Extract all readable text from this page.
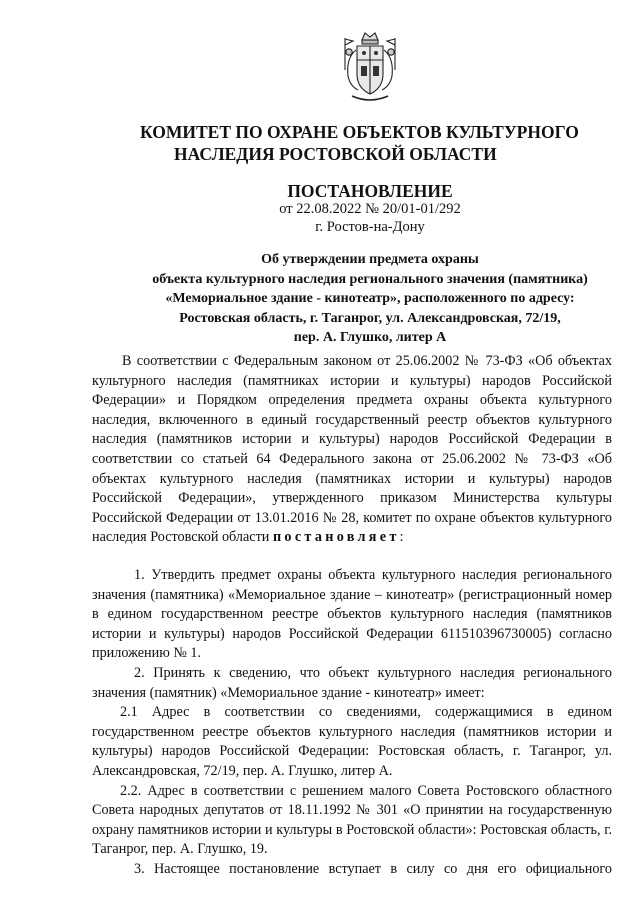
КОМИТЕТ ПО ОХРАНЕ ОБЪЕКТОВ КУЛЬТУРНОГО
НАСЛЕДИЯ РОСТОВСКОЙ ОБЛАСТИ
ПОСТАНОВЛЕНИЕ
от 22.08.2022 № 20/01-01/292
г. Ростов-на-Дону
Об утверждении предмета охраны
объекта культурного наследия регионального значения (памятника)
«Мемориальное здание - кинотеатр», расположенного по адресу:
Ростовская область, г. Таганрог, ул. Александровская, 72/19,
пер. А. Глушко, литер А

В соответствии с Федеральным законом от 25.06.2002 № 73-ФЗ «Об объектах культурного наследия (памятниках истории и культуры) народов Российской Федерации» и Порядком определения предмета охраны объекта культурного наследия, включенного в единый государственный реестр объектов культурного наследия (памятников истории и культуры) народов Российской Федерации в соответствии со статьей 64 Федерального закона от 25.06.2002 № 73-ФЗ «Об объектах культурного наследия (памятниках истории и культуры) народов Российской Федерации», утвержденного приказом Министерства культуры Российской Федерации от 13.01.2016 № 28, комитет по охране объектов культурного наследия Ростовской области постановляет:

1. Утвердить предмет охраны объекта культурного наследия регионального значения (памятника) «Мемориальное здание – кинотеатр» (регистрационный номер в едином государственном реестре объектов культурного наследия (памятников истории и культуры) народов Российской Федерации 611510396730005) согласно приложению № 1.

2. Принять к сведению, что объект культурного наследия регионального значения (памятник) «Мемориальное здание - кинотеатр» имеет:

2.1 Адрес в соответствии со сведениями, содержащимися в едином государственном реестре объектов культурного наследия (памятников истории и культуры) народов Российской Федерации: Ростовская область, г. Таганрог, ул. Александровская, 72/19, пер. А. Глушко, литер А.

2.2. Адрес в соответствии с решением малого Совета Ростовского областного Совета народных депутатов от 18.11.1992 № 301 «О принятии на государственную охрану памятников истории и культуры в Ростовской области»: Ростовская область, г. Таганрог, пер. А. Глушко, 19.

3. Настоящее постановление вступает в силу со дня его официального
